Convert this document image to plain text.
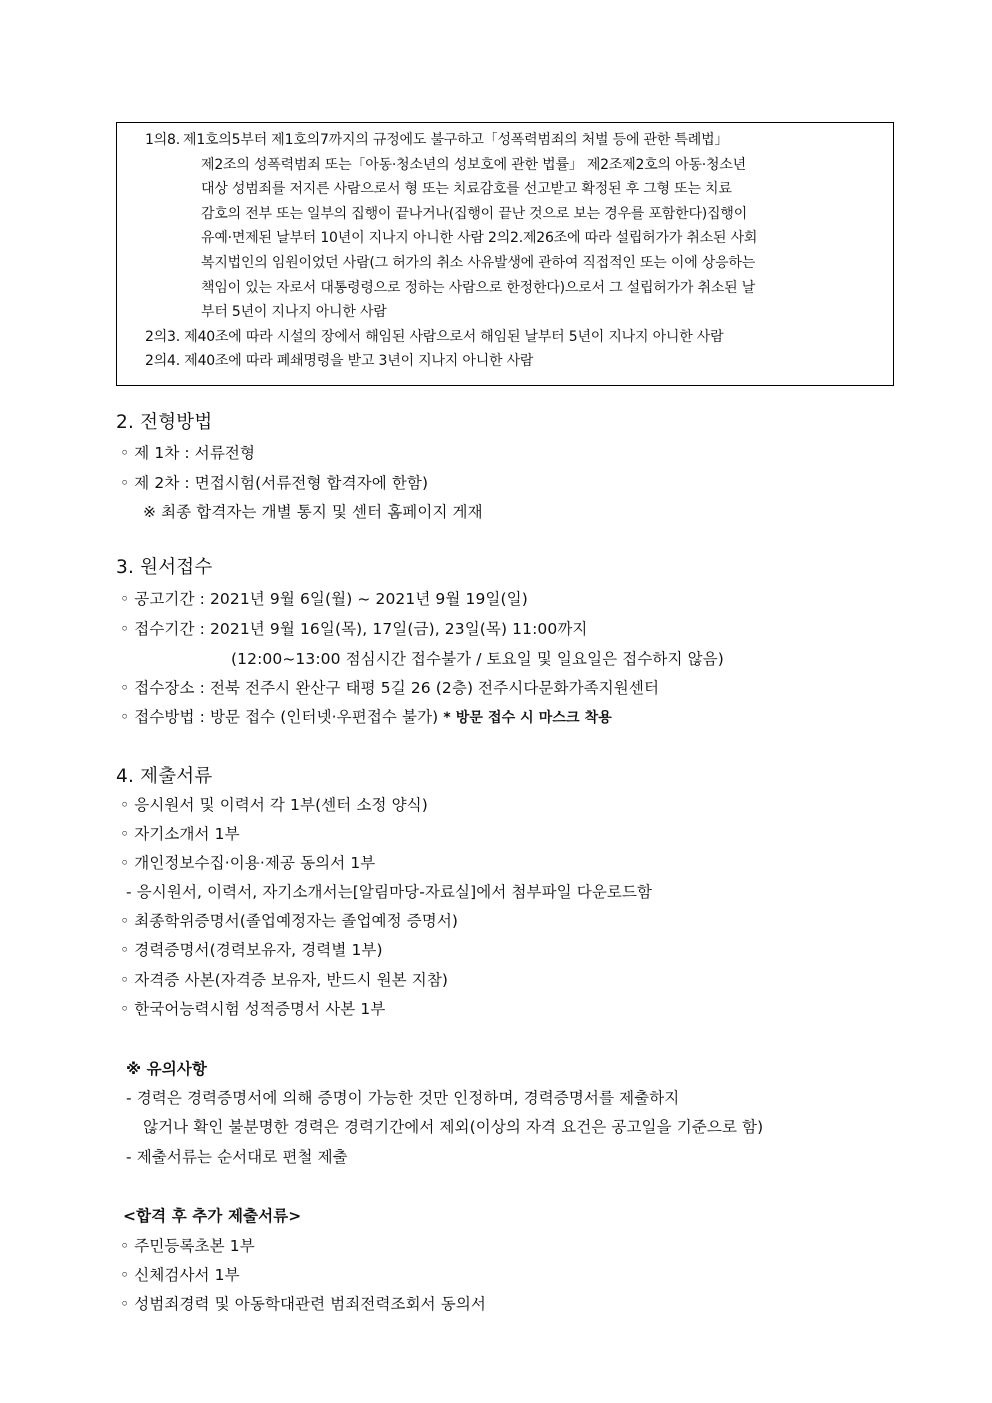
1의8. 제1호의5부터 제1호의7까지의 규정에도 불구하고「성폭력범죄의 처벌 등에 관한 특례법」
제2조의 성폭력범죄 또는「아동·청소년의 성보호에 관한 법률」 제2조제2호의 아동·청소년
대상 성범죄를 저지른 사람으로서 형 또는 치료감호를 선고받고 확정된 후 그형 또는 치료
감호의 전부 또는 일부의 집행이 끝나거나(집행이 끝난 것으로 보는 경우를 포함한다)집행이
유예·면제된 날부터 10년이 지나지 아니한 사람 2의2.제26조에 따라 설립허가가 취소된 사회
복지법인의 임원이었던 사람(그 허가의 취소 사유발생에 관하여 직접적인 또는 이에 상응하는
책임이 있는 자로서 대통령령으로 정하는 사람으로 한정한다)으로서 그 설립허가가 취소된 날
부터 5년이 지나지 아니한 사람
2의3. 제40조에 따라 시설의 장에서 해임된 사람으로서 해임된 날부터 5년이 지나지 아니한 사람
2의4. 제40조에 따라 폐쇄명령을 받고 3년이 지나지 아니한 사람
2. 전형방법
◦ 제 1차 : 서류전형
◦ 제 2차 : 면접시험(서류전형 합격자에 한함)
※ 최종 합격자는 개별 통지 및 센터 홈페이지 게재
3. 원서접수
◦ 공고기간 : 2021년 9월 6일(월) ~ 2021년 9월 19일(일)
◦ 접수기간 : 2021년 9월 16일(목), 17일(금), 23일(목) 11:00까지
(12:00~13:00 점심시간 접수불가 / 토요일 및 일요일은 접수하지 않음)
◦ 접수장소 : 전북 전주시 완산구 태평 5길 26 (2층) 전주시다문화가족지원센터
◦ 접수방법 : 방문 접수 (인터넷·우편접수 불가) * 방문 접수 시 마스크 착용
4. 제출서류
◦ 응시원서 및 이력서 각 1부(센터 소정 양식)
◦ 자기소개서 1부
◦ 개인정보수집·이용·제공 동의서 1부
- 응시원서, 이력서, 자기소개서는[알림마당-자료실]에서 첨부파일 다운로드함
◦ 최종학위증명서(졸업예정자는 졸업예정 증명서)
◦ 경력증명서(경력보유자, 경력별 1부)
◦ 자격증 사본(자격증 보유자, 반드시 원본 지참)
◦ 한국어능력시험 성적증명서 사본 1부
※ 유의사항
- 경력은 경력증명서에 의해 증명이 가능한 것만 인정하며, 경력증명서를 제출하지
않거나 확인 불분명한 경력은 경력기간에서 제외(이상의 자격 요건은 공고일을 기준으로 함)
- 제출서류는 순서대로 편철 제출
<합격 후 추가 제출서류>
◦ 주민등록초본 1부
◦ 신체검사서 1부
◦ 성범죄경력 및 아동학대관련 범죄전력조회서 동의서
